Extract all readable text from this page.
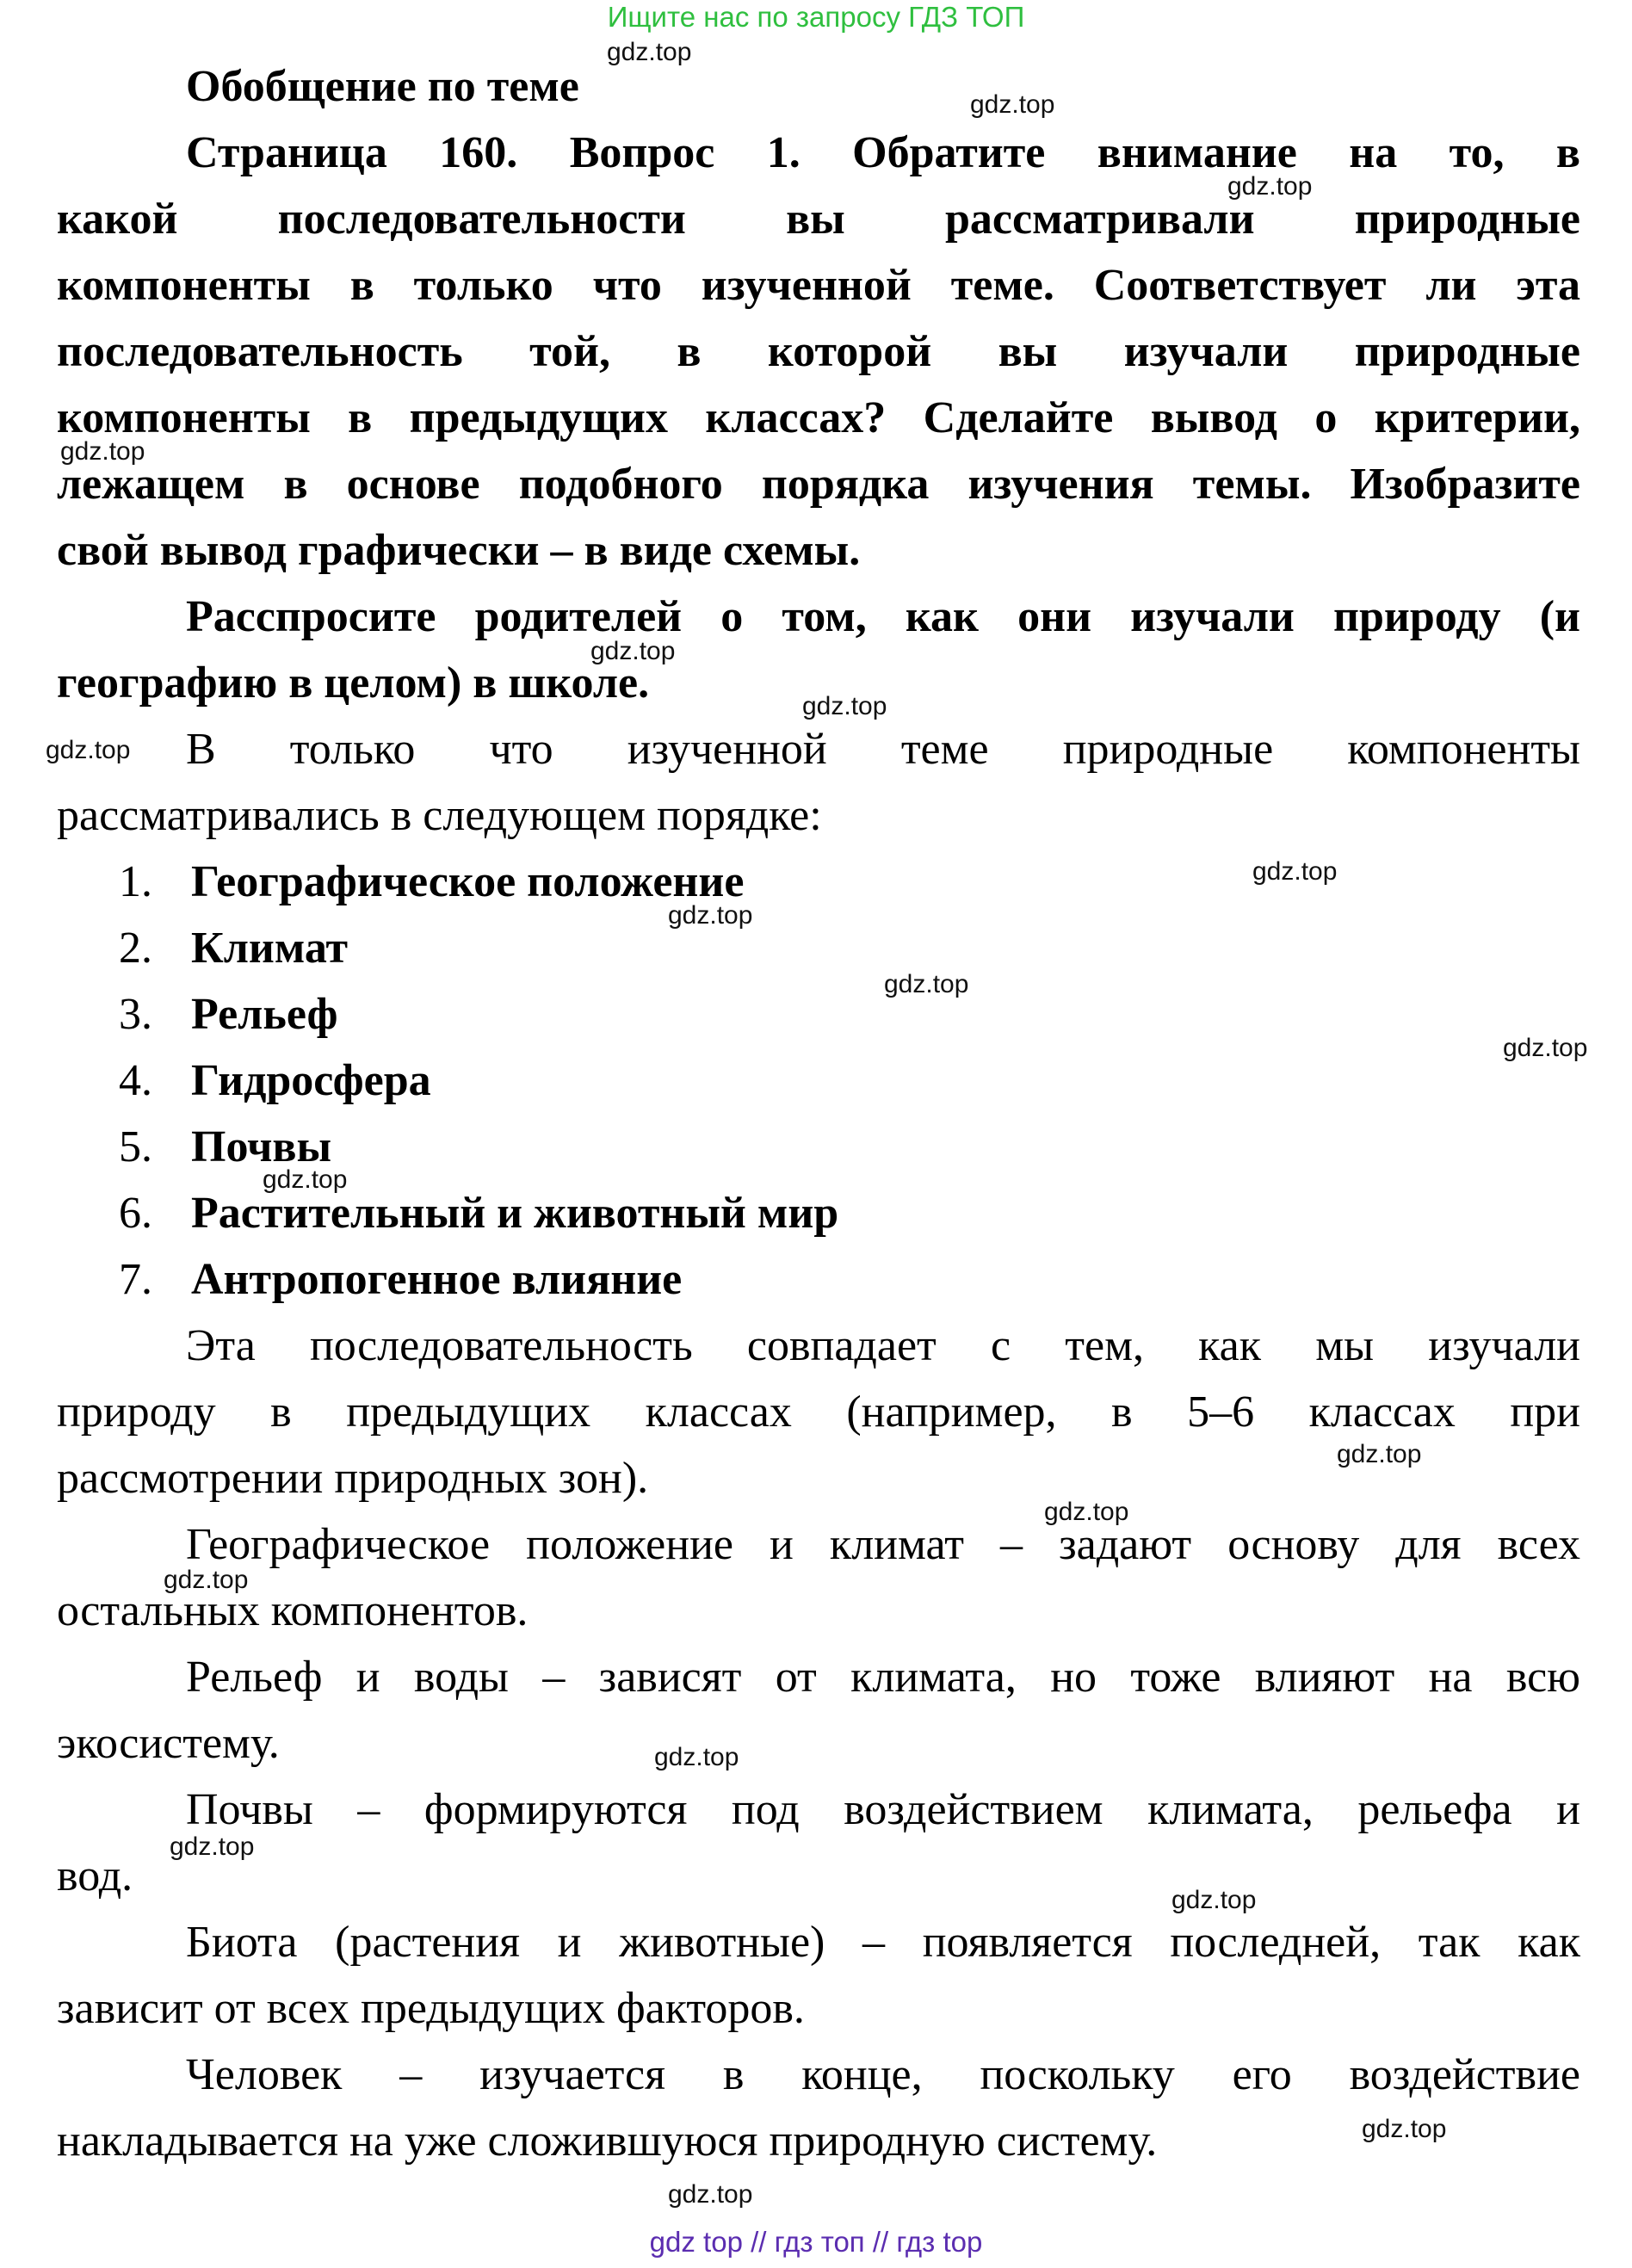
Ищите нас по запросу ГДЗ ТОП
Обобщение по теме
Страница 160. Вопрос 1. Обратите внимание на то, в
какой последовательности вы рассматривали природные
компоненты в только что изученной теме. Соответствует ли эта
последовательность той, в которой вы изучали природные
компоненты в предыдущих классах? Сделайте вывод о критерии,
лежащем в основе подобного порядка изучения темы. Изобразите
свой вывод графически – в виде схемы.
Расспросите родителей о том, как они изучали природу (и
географию в целом) в школе.
В только что изученной теме природные компоненты
рассматривались в следующем порядке:
1. Географическое положение
2. Климат
3. Рельеф
4. Гидросфера
5. Почвы
6. Растительный и животный мир
7. Антропогенное влияние
Эта последовательность совпадает с тем, как мы изучали
природу в предыдущих классах (например, в 5–6 классах при
рассмотрении природных зон).
Географическое положение и климат – задают основу для всех
остальных компонентов.
Рельеф и воды – зависят от климата, но тоже влияют на всю
экосистему.
Почвы – формируются под воздействием климата, рельефа и
вод.
Биота (растения и животные) – появляется последней, так как
зависит от всех предыдущих факторов.
Человек – изучается в конце, поскольку его воздействие
накладывается на уже сложившуюся природную систему.
gdz.top
gdz.top
gdz.top
gdz.top
gdz.top
gdz.top
gdz.top
gdz.top
gdz.top
gdz.top
gdz.top
gdz.top
gdz.top
gdz.top
gdz.top
gdz.top
gdz.top
gdz.top
gdz.top
gdz.top
gdz top // гдз топ // гдз top
